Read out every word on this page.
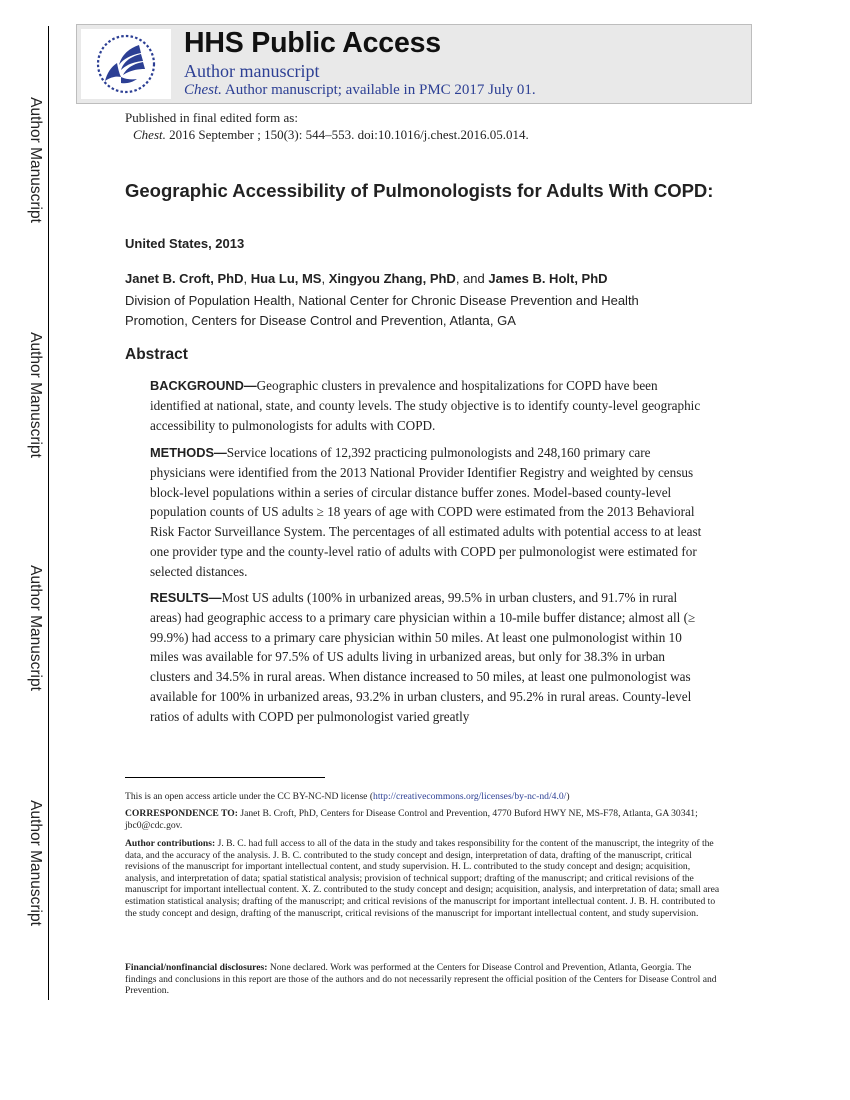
Author Manuscript
Author Manuscript
Author Manuscript
Author Manuscript
HHS Public Access
Author manuscript
Chest. Author manuscript; available in PMC 2017 July 01.
Published in final edited form as:
Chest. 2016 September ; 150(3): 544–553. doi:10.1016/j.chest.2016.05.014.
Geographic Accessibility of Pulmonologists for Adults With COPD:
United States, 2013
Janet B. Croft, PhD, Hua Lu, MS, Xingyou Zhang, PhD, and James B. Holt, PhD
Division of Population Health, National Center for Chronic Disease Prevention and Health Promotion, Centers for Disease Control and Prevention, Atlanta, GA
Abstract
BACKGROUND—Geographic clusters in prevalence and hospitalizations for COPD have been identified at national, state, and county levels. The study objective is to identify county-level geographic accessibility to pulmonologists for adults with COPD.
METHODS—Service locations of 12,392 practicing pulmonologists and 248,160 primary care physicians were identified from the 2013 National Provider Identifier Registry and weighted by census block-level populations within a series of circular distance buffer zones. Model-based county-level population counts of US adults ≥ 18 years of age with COPD were estimated from the 2013 Behavioral Risk Factor Surveillance System. The percentages of all estimated adults with potential access to at least one provider type and the county-level ratio of adults with COPD per pulmonologist were estimated for selected distances.
RESULTS—Most US adults (100% in urbanized areas, 99.5% in urban clusters, and 91.7% in rural areas) had geographic access to a primary care physician within a 10-mile buffer distance; almost all (≥ 99.9%) had access to a primary care physician within 50 miles. At least one pulmonologist within 10 miles was available for 97.5% of US adults living in urbanized areas, but only for 38.3% in urban clusters and 34.5% in rural areas. When distance increased to 50 miles, at least one pulmonologist was available for 100% in urbanized areas, 93.2% in urban clusters, and 95.2% in rural areas. County-level ratios of adults with COPD per pulmonologist varied greatly
This is an open access article under the CC BY-NC-ND license (http://creativecommons.org/licenses/by-nc-nd/4.0/)
CORRESPONDENCE TO: Janet B. Croft, PhD, Centers for Disease Control and Prevention, 4770 Buford HWY NE, MS-F78, Atlanta, GA 30341; jbc0@cdc.gov.
Author contributions: J. B. C. had full access to all of the data in the study and takes responsibility for the content of the manuscript, the integrity of the data, and the accuracy of the analysis. J. B. C. contributed to the study concept and design, interpretation of data, drafting of the manuscript, critical revisions of the manuscript for important intellectual content, and study supervision. H. L. contributed to the study concept and design; acquisition, analysis, and interpretation of data; spatial statistical analysis; provision of technical support; drafting of the manuscript; and critical revisions of the manuscript for important intellectual content. X. Z. contributed to the study concept and design; acquisition, analysis, and interpretation of data; small area estimation statistical analysis; drafting of the manuscript; and critical revisions of the manuscript for important intellectual content. J. B. H. contributed to the study concept and design, drafting of the manuscript, critical revisions of the manuscript for important intellectual content, and study supervision.
Financial/nonfinancial disclosures: None declared. Work was performed at the Centers for Disease Control and Prevention, Atlanta, Georgia. The findings and conclusions in this report are those of the authors and do not necessarily represent the official position of the Centers for Disease Control and Prevention.
